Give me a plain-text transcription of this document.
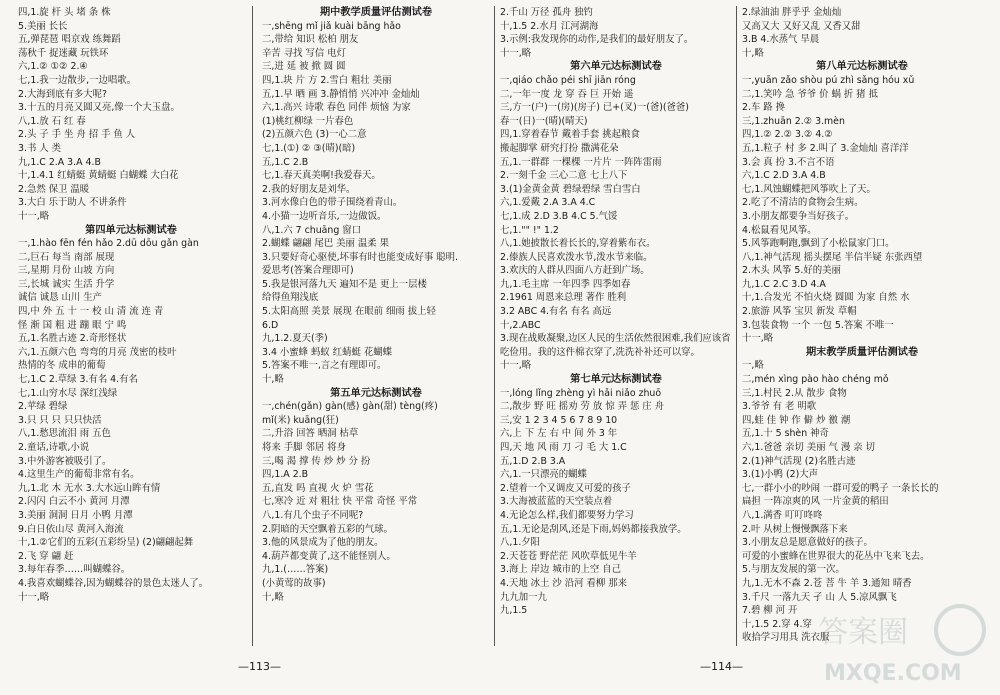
四,1.旋 杆 头 堵 条 株
5.美丽 长长
五,弹琵琶 唱京戏 练舞蹈
荡秋千 捉迷藏 玩铁环
六,1.② ①② 2.④
七,1.我一边散步,一边唱歌。
2.大海到底有多大呢?
3.十五的月亮又圆又亮,像一个大玉盘。
八,1.放 石 红 春
2.头 子 手 坐 舟 招 手 鱼 人
3.书 人 类
九,1.C 2.A 3.A 4.B
十,1.4.1 红蜻蜓 黄蜻蜓 白蝴蝶 大白花
2.急然 保卫 温暖
3.大白 乐于助人 不讲条件
十一,略
第四单元达标测试卷
一,1.hào fēn fén hǎo 2.dū dōu gǎn gàn
二,巨石 每当 南部 展现
三,星期 月份 山坡 方向
三,长城 诚实 生活 升学
诚信 诚恳 山川 生产
四,中 外 五 十 一 校 山 清 流 连 青
怪 渐 国 粗 进 蹦 眼 宁 鸣
五,1.名胜古迹 2.奇形怪状
六,1.五颜六色 弯弯的月亮 茂密的枝叶
热情的冬 成串的葡萄
七,1.C 2.草绿 3.有名 4.有名
七,1.山穷水尽 深红浅绿
2.苹绿 碧绿
3.只 只 只 只只快活
八,1.愁思流泪 雨 五色
2.童话,诗歌,小说
3.中外游客被吸引了。
4.这里生产的葡萄非常有名。
九,1.北 木 无水 3.大水远山眸有情
2.闪闪 白云不小 黄河 月潭
3.美丽 洞洞 日月 小鸭 月潭
9.白日依山尽 黄河入海流
十,1.②它们的五彩(五彩纷呈) (2)翩翩起舞
2.飞 穿 翩 赶
3.每年春季……叫蝴蝶谷。
4.我喜欢蝴蝶谷,因为蝴蝶谷的景色太迷人了。
十一,略
期中教学质量评估测试卷
一,shēng mǐ jiǎ kuài bāng hǎo
二,带给 知识 松柏 朋友
辛苦 寻找 写信 电灯
三,进 延 被 掀 圆 圆
四,1.块 片 方 2.雪白 粗壮 美丽
五,1.早 晒 画 3.静悄悄 兴冲冲 金灿灿
六,1.高兴 诗歌 春色 同伴 烦恼 为家
(1)桃红柳绿 一片春色
(2)五颜六色 (3)一心二意
七,1.(①) ② ③(晴)(暗)
五,1.C 2.B
七,1.春天真美啊!我爱春天。
2.我的好朋友是刘华。
3.河水像白色的带子围绕着青山。
4.小猫一边听音乐,一边做饭。
八,1.六 7 chuāng 窗口
2.蝴蝶 翩翩 尾巴 美丽 温柔 果
3.只要好奇心驱使,坏事有时也能变成好事 聪明.
爱思考(答案合理即可)
5.我是银河落九天 遍知不是 更上一层楼
给得鱼翔浅底
5.太阳高照 美景 展现 在眼前 细雨 拔上轻
6.D
九,1.2.夏天(季)
3.4 小蜜蜂 蚂蚁 红蜻蜓 花蝴蝶
5.答案不唯一,言之有理即可。
十,略
第五单元达标测试卷
一,chén(ɡǎn) ɡàn(感) ɡàn(甜) tènɡ(疼)
mǐ(米) kuānɡ(狂)
二,升浴 回答 晒洞 枯草
将来 手脚 邻居 将身
三,喝 渴 撑 传 炒 炒 分 扮
四,1.A 2.B
五,直发 吗 直视 火 炉 雪花
七,寒冷 近 对 粗壮 快 平常 奇怪 平常
八,1.有几个虫子不同呢?
2.阴暗的天空飘着五彩的气球。
3.他的风景成为了他的朋友。
4.葫芦都变黄了,这不能怪别人。
九,1.(……答案)
(小黄莺的故事)
十,略
2.千山 万径 孤舟 独钓
十,1.5 2.水月 江河湖海
3.示例:我发现你的动作,是我们的最好朋友了。
十一,略
第六单元达标测试卷
一,qiáo chǎo péi shī jiān róng
二,一年一度 龙 穿 吞 巨 开始 遥
三,方一(户)一(房)(房子) 已+(叉)一(爸)(爸爸)
春一(日)一(晴)(晴天)
四,1.穿着春节 戴着手套 挑起粮食
搬起脚掌 研究打扮 撒满花朵
五,1.一群群 一棵棵 一片片 一阵阵雷雨
2.一刻千金 三心二意 七上八下
3.(1)金黄金黄 碧绿碧绿 雪白雪白
六,1.爱戴 2.A 3.A 4.C
七,1.成 2.D 3.B 4.C 5.气馁
七,1."" !" 1.2
八,1.她披散长着长长的,穿着紫布衣。
2.傣族人民喜欢泼水节,泼水节来临。
3.欢庆的人群从四面八方赶到广场。
九,1.毛主席 一年四季 四季如春
2.1961 周恩来总理 著作 胜利
3.2 ABC 4.有名 有名 高远
十,2.ABC
3.现在战败凝聚,边区人民的生活依然很困难,我们应该省吃俭用。我的这件棉衣穿了,洗洗补补还可以穿。
十一,略
第七单元达标测试卷
一,lóng lǐng zhèng yì hǎi niǎo zhuō
二,散步 野 旺 摇劝 劳 放 惊 弄 惩 庄 舟
三,安 1 2 3 4 5 6 7 8 9 10
六,上 下 左 右 中 间 外 3 年
四,天 地 风 雨 刀 刁 毛 大 1.C
五,1.D 2.B 3.A
六,1.一只漂亮的蝴蝶
2.望着一个又调皮又可爱的孩子
3.大海被蓝蓝的天空装点着
4.无论怎么样,我们都要努力学习
五,1.无论是刮风,还是下雨,妈妈都接我放学。
八,1.夕阳
2.天苍苍 野茫茫 风吹草低见牛羊
3.海上 岸边 城市的上空 自己
4.天地 冰土 沙 沿河 看柳 那来
九九加一九
九,1.5
2.绿油油 胖乎乎 金灿灿
又高又大 又好又乱 又香又甜
3.B 4.水蒸气 旱晨
十,略
第八单元达标测试卷
一,yuān zǎo shòu pú zhì sǎng hóu xǔ
二,1.笑吟 急 爷爷 价 蜗 折 猪 抵
2.车 路 搀
三,1.zhuān 2.② 3.mèn
四,1.② 2.② 3.② 4.②
五,1.粒子 村 多 2.叫了 3.金灿灿 喜洋洋
3.会 真 扮 3.不言不语
六,1.C 2.D 3.A 4.B
七,1.风蚀蝴蝶把风筝吹上了天。
2.吃了不清洁的食物会生病。
3.小朋友都要争当好孩子。
4.松鼠看见风筝。
5.风筝跑啊跑,飘到了小松鼠家门口。
八,1.神气活现 摇头摆尾 半信半疑 东张西望
2.木头 风筝 5.好的美丽
九,1.C 2.C 3.D 4.A
十,1.合发光 不怕火烧 圆圆 为家 自然 水
2.旅游 风筝 宝贝 新发 草帽
3.包装食物 一个 一包 5.答案 不唯一
十一,略
期末教学质量评估测试卷
一,略
二,mén xìng pào hào chéng mǒ
三,1.村民 2.从 散步 食物
3.爷爷 有 老 明歌
四,蛙 佳 钟 作 僻 炒 徼 潮
五,1.十 5 shèn 神奇
六,1.爸爸 亲切 美丽 气 漫 亲 切
2.(1)神气活现 (2)名胜古迹
3.(1)小鸭 (2)大声
七,一群小小的吵闹 一群可爱的鸭子 一条长长的
扁担 一阵凉爽的风 一片金黄的稻田
八,1.满香 叮叮咚咚
2.叶 从树上慢慢飘落下来
3.小朋友总是愿意做好的孩子。
可爱的小蜜蜂在世界很大的花丛中飞来飞去。
5.与朋友发展的第一次。
九,1.无木不森 2.苍 菩 牛 羊 3.通知 晴香
3.千尺 一落九天 孑 山 人 5.凉风飘飞
7.碧 柳 河 开
十,1.5 2.穿 4.穿
收拾学习用具 洗衣服
—113—	—114—
答案圈
MXQE.COM
